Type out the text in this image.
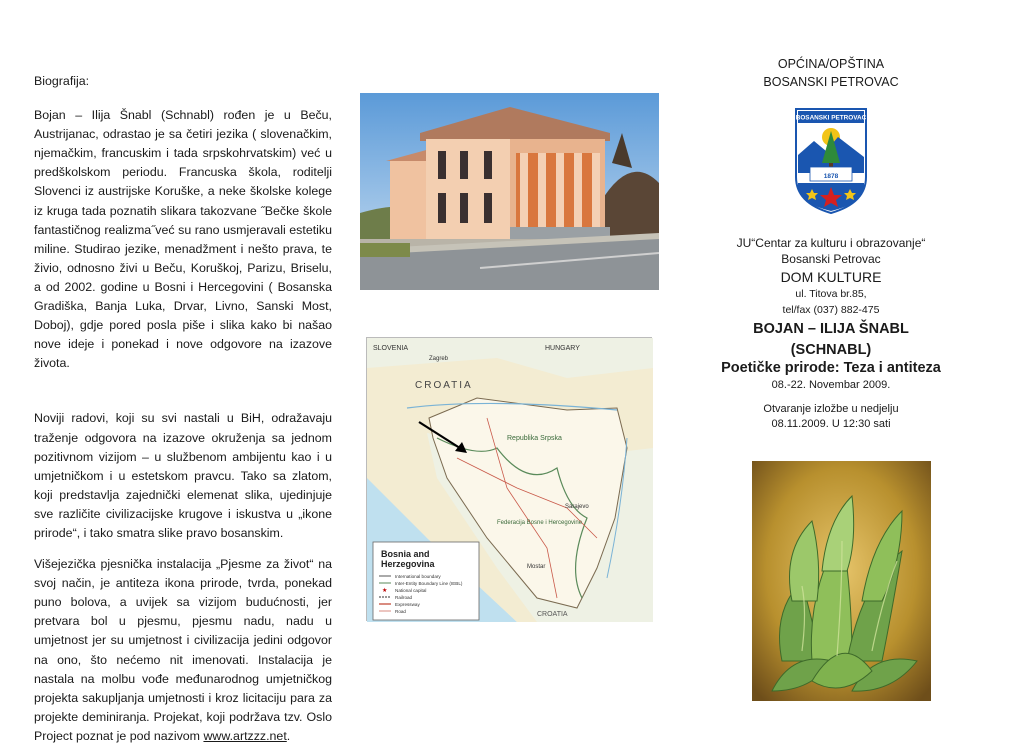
Biografija:

Bojan – Ilija Šnabl (Schnabl) rođen je u Beču, Austrijanac, odrastao je sa četiri jezika ( slovenačkim, njemačkim, francuskim i tada srpskohrvatskim) već u predškolskom periodu. Francuska škola, roditelji Slovenci iz austrijske Koruške, a neke školske kolege iz kruga tada poznatih slikara takozvane ˝Bečke škole fantastičnog realizma˝već su rano usmjeravali estetiku miline. Studirao jezike, menadžment i nešto prava, te živio, odnosno živi u Beču, Koruškoj, Parizu, Briselu, a od 2002. godine u Bosni i Hercegovini ( Bosanska Gradiška, Banja Luka, Drvar, Livno, Sanski Most, Doboj), gdje pored posla piše i slika kako bi našao nove ideje i ponekad i nove odgovore na izazove života.

Noviji radovi, koji su svi nastali u BiH, odražavaju traženje odgovora na izazove okruženja sa jednom pozitivnom vizijom – u službenom ambijentu kao i u umjetničkom i u estetskom pravcu. Tako sa zlatom, koji predstavlja zajednički elemenat slika, ujedinjuje sve različite civilizacijske krugove i iskustva u „ikone prirode“, i tako smatra slike pravo bosanskim.

Višejezička pjesnička instalacija „Pjesme za život“ na svoj način, je antiteza ikona prirode, tvrda, ponekad puno bolova, a uvijek sa vizijom budućnosti, jer pretvara bol u pjesmu, pjesmu nadu, nadu u umjetnost jer su umjetnost i civilizacija jedini odgovor na ono, što nećemo nit imenovati. Instalacija je nastala na molbu vođe međunarodnog umjetničkog projekta sakupljanja umjetnosti i kroz licitaciju para za projekte deminiranja. Projekat, koji podržava tzv. Oslo Project poznat je pod nazivom www.artzzz.net.

SLOVENIA	HUNGARY
CROATIA
Republika Srpska
Federacija Bosne i Hercegovine
CROATIA
Zagreb
Sarajevo
Mostar
Bosnia and Herzegovina
International boundary
Inter-Entity Boundary Line (IEBL)
★ National capital
Railroad
Expressway
Road
OPĆINA/OPŠTINA
BOSANSKI PETROVAC
BOSANSKI PETROVAC
1878
JU“Centar za kulturu i obrazovanje“
Bosanski Petrovac
DOM KULTURE
ul. Titova br.85,
tel/fax (037) 882-475
BOJAN – ILIJA ŠNABL
(SCHNABL)
Poetičke prirode: Teza i antiteza
08.-22. Novembar 2009.
Otvaranje izložbe u nedjelju
08.11.2009. U 12:30 sati
